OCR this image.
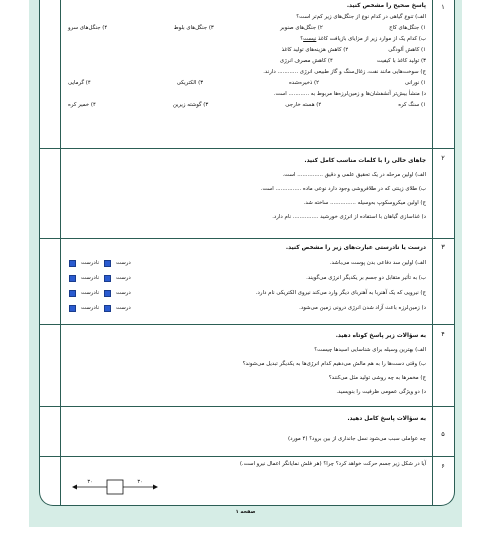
۱
پاسخ صحیح را مشخص کنید.
الف) تنوع گیاهی در کدام نوع از جنگل‌های زیر کم‌تر است؟
۱) جنگل‌های کاج
۲) جنگل‌های صنوبر
۳) جنگل‌های بلوط
۴) جنگل‌های سرو
ب) کدام یک از موارد زیر از مزایای بازیافت کاغذ نیست؟
۱) کاهش آلودگی
۲) کاهش هزینه‌های تولید کاغذ
۳) تولید کاغذ با کیفیت
۴) کاهش مصرف انرژی
ج) سوخت‌هایی مانند نفت، زغال‌سنگ و گاز طبیعی انرژی ............ دارند.
۱) نورانی
۲) ذخیره‌شده
۳) الکتریکی
۴) گرمایی
د) منشأ بیش‌تر آتشفشان‌ها و زمین‌لرزه‌ها مربوط به ............ است.
۱) سنگ کره
۲) هسته خارجی
۳) گوشته زیرین
۴) خمیر کره
۲
جاهای خالی را با کلمات مناسب کامل کنید.
الف) اولین مرحله در یک تحقیق علمی و دقیق ............... است.
ب) طلای زینتی که در طلافروشی وجود دارد نوعی ماده ............... است.
ج) اولین میکروسکوپ به‌وسیله ............... ساخته شد.
د) غذاسازی گیاهان با استفاده از انرژی خورشید ............... نام دارد.
۳
درست یا نادرستی عبارت‌های زیر را مشخص کنید.
الف) اولین سد دفاعی بدن پوست می‌باشد.
درست
نادرست
ب) به تأثیر متقابل دو جسم بر یکدیگر انرژی می‌گویند.
درست
نادرست
ج) نیرویی که یک آهنربا به آهنربای دیگر وارد می‌کند نیروی الکتریکی نام دارد.
درست
نادرست
د) زمین‌لرزه باعث آزاد شدن انرژی درونی زمین می‌شود.
درست
نادرست
۴
به سؤالات زیر پاسخ کوتاه دهید.
الف) بهترین وسیله برای شناسایی اسیدها چیست؟
ب) وقتی دست‌ها را به هم مالش می‌دهیم کدام انرژی‌ها به یکدیگر تبدیل می‌شوند؟
ج) مخمرها به چه روشی تولید مثل می‌کنند؟
د) دو ویژگی عمومی ظرفیت را بنویسید.
۵
به سؤالات پاسخ کامل دهید.
چه عواملی سبب می‌شود نسل جانداری از بین برود؟ (۴ مورد)
۶
آیا در شکل زیر جسم حرکت خواهد کرد؟ چرا؟ (هر فلش نمایانگر اعمال نیرو است.)
۳۰	۳۰
صفحه ۱
